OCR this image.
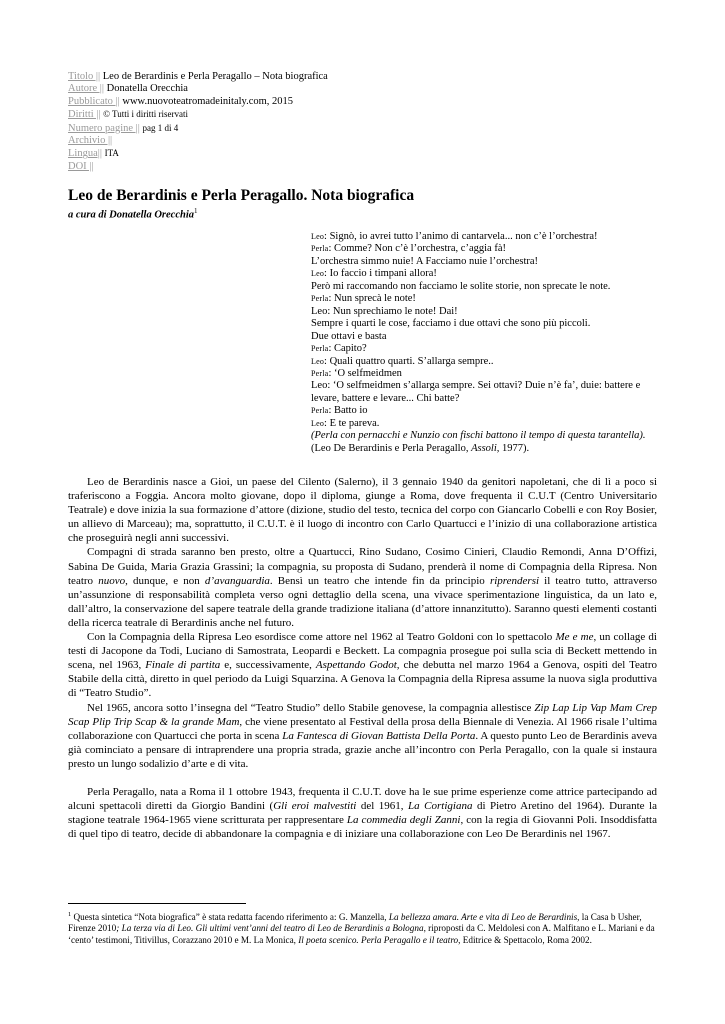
Titolo || Leo de Berardinis e Perla Peragallo – Nota biografica
Autore || Donatella Orecchia
Pubblicato || www.nuovoteatromadeinitaly.com, 2015
Diritti || © Tutti i diritti riservati
Numero pagine || pag 1 di 4
Archivio ||
Lingua|| ITA
DOI ||
Leo de Berardinis e Perla Peragallo. Nota biografica
a cura di Donatella Orecchia$^1$
Leo: Signò, io avrei tutto l’animo di cantarvela... non c’è l’orchestra!
Perla: Comme? Non c’è l’orchestra, c’aggia fà!
L’orchestra simmo nuie! A Facciamo nuie l’orchestra!
Leo: Io faccio i timpani allora!
Però mi raccomando non facciamo le solite storie, non sprecate le note.
Perla: Nun sprecà le note!
Leo: Nun sprechiamo le note! Dai!
Sempre i quarti le cose, facciamo i due ottavi che sono più piccoli.
Due ottavi e basta
Perla: Capito?
Leo: Quali quattro quarti. S’allarga sempre..
Perla: ‘O selfmeidmen
Leo: ‘O selfmeidmen s’allarga sempre. Sei ottavi? Duie n’è fa’, duie: battere e levare, battere e levare... Chi batte?
Perla: Batto io
Leo: E te pareva.
(Perla con pernacchi e Nunzio con fischi battono il tempo di questa tarantella).
(Leo De Berardinis e Perla Peragallo, Assoli, 1977).

Leo de Berardinis nasce a Gioi, un paese del Cilento (Salerno), il 3 gennaio 1940 da genitori napoletani, che di lì a poco si traferiscono a Foggia. Ancora molto giovane, dopo il diploma, giunge a Roma, dove frequenta il C.U.T (Centro Universitario Teatrale) e dove inizia la sua formazione d’attore (dizione, studio del testo, tecnica del corpo con Giancarlo Cobelli e con Roy Bosier, un allievo di Marceau); ma, soprattutto, il C.U.T. è il luogo di incontro con Carlo Quartucci e l’inizio di una collaborazione artistica che proseguirà negli anni successivi.

Compagni di strada saranno ben presto, oltre a Quartucci, Rino Sudano, Cosimo Cinieri, Claudio Remondi, Anna D’Offizi, Sabina De Guida, Maria Grazia Grassini; la compagnia, su proposta di Sudano, prenderà il nome di Compagnia della Ripresa. Non teatro nuovo, dunque, e non d’avanguardia. Bensì un teatro che intende fin da principio riprendersi il teatro tutto, attraverso un’assunzione di responsabilità completa verso ogni dettaglio della scena, una vivace sperimentazione linguistica, da un lato e, dall’altro, la conservazione del sapere teatrale della grande tradizione italiana (d’attore innanzitutto). Saranno questi elementi costanti della ricerca teatrale di Berardinis anche nel futuro.

Con la Compagnia della Ripresa Leo esordisce come attore nel 1962 al Teatro Goldoni con lo spettacolo Me e me, un collage di testi di Jacopone da Todi, Luciano di Samostrata, Leopardi e Beckett. La compagnia prosegue poi sulla scia di Beckett mettendo in scena, nel 1963, Finale di partita e, successivamente, Aspettando Godot, che debutta nel marzo 1964 a Genova, ospiti del Teatro Stabile della città, diretto in quel periodo da Luigi Squarzina. A Genova la Compagnia della Ripresa assume la nuova sigla produttiva di “Teatro Studio”.

Nel 1965, ancora sotto l’insegna del “Teatro Studio” dello Stabile genovese, la compagnia allestisce Zip Lap Lip Vap Mam Crep Scap Plip Trip Scap & la grande Mam, che viene presentato al Festival della prosa della Biennale di Venezia. Al 1966 risale l’ultima collaborazione con Quartucci che porta in scena La Fantesca di Giovan Battista Della Porta. A questo punto Leo de Berardinis aveva già cominciato a pensare di intraprendere una propria strada, grazie anche all’incontro con Perla Peragallo, con la quale si instaura presto un lungo sodalizio d’arte e di vita.

Perla Peragallo, nata a Roma il 1 ottobre 1943, frequenta il C.U.T. dove ha le sue prime esperienze come attrice partecipando ad alcuni spettacoli diretti da Giorgio Bandini (Gli eroi malvestiti del 1961, La Cortigiana di Pietro Aretino del 1964). Durante la stagione teatrale 1964-1965 viene scritturata per rappresentare La commedia degli Zanni, con la regia di Giovanni Poli. Insoddisfatta di quel tipo di teatro, decide di abbandonare la compagnia e di iniziare una collaborazione con Leo De Berardinis nel 1967.

$^1$ Questa sintetica “Nota biografica” è stata redatta facendo riferimento a: G. Manzella, La bellezza amara. Arte e vita di Leo de Berardinis, la Casa b Usher, Firenze 2010; La terza via di Leo. Gli ultimi vent’anni del teatro di Leo de Berardinis a Bologna, riproposti da C. Meldolesi con A. Malfitano e L. Mariani e da ‘cento’ testimoni, Titivillus, Corazzano 2010 e M. La Monica, Il poeta scenico. Perla Peragallo e il teatro, Editrice & Spettacolo, Roma 2002.
